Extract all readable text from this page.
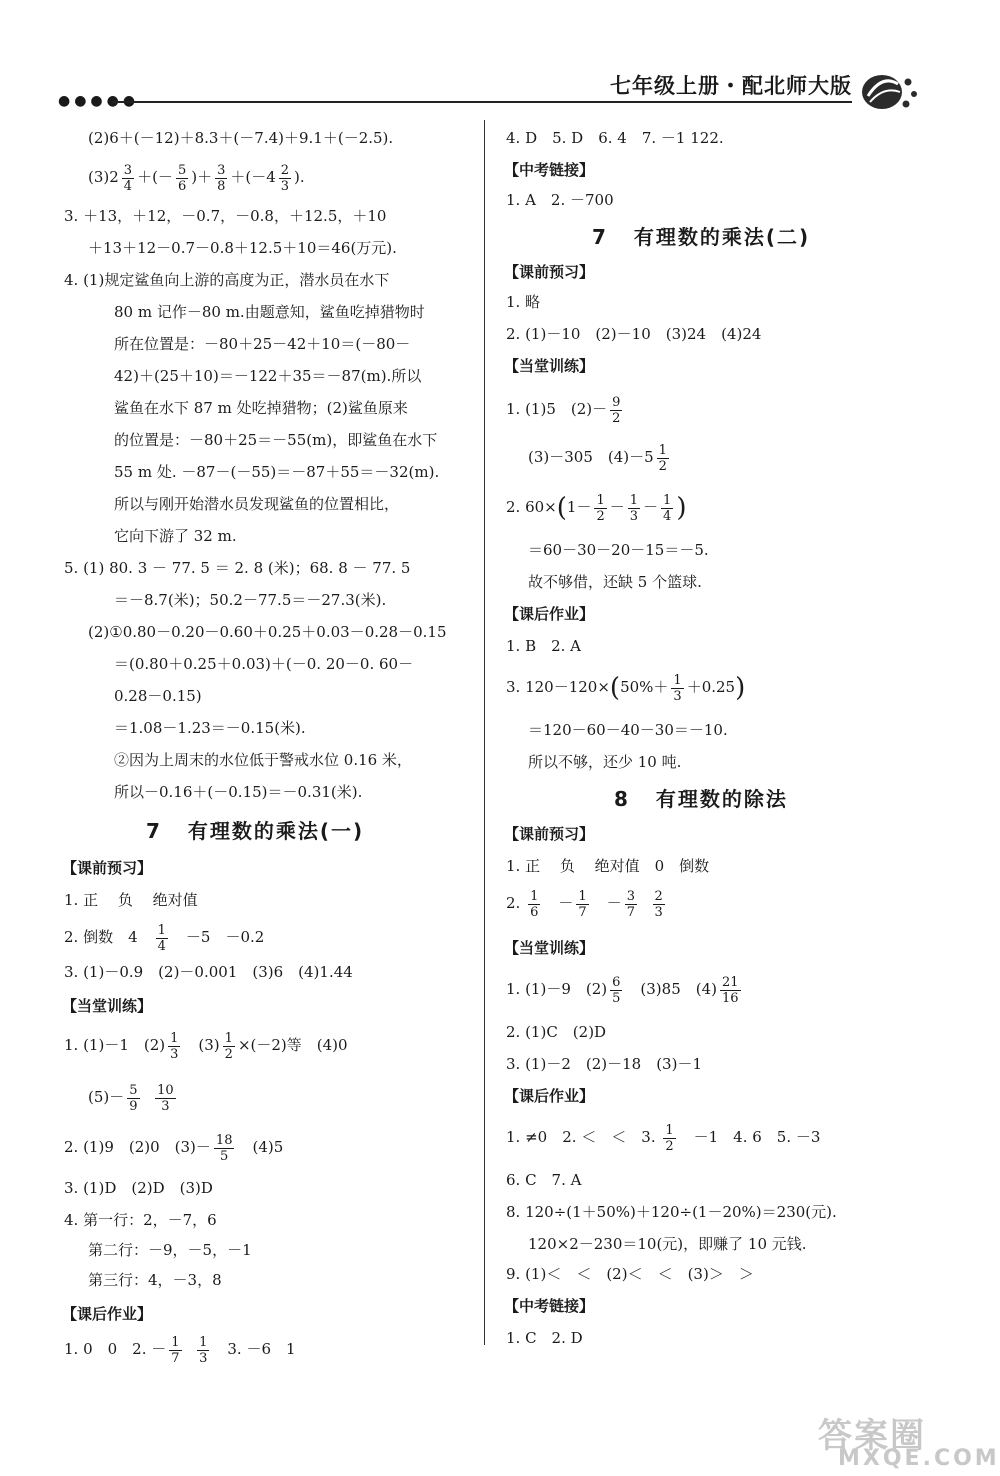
●●●●●
七年级上册・配北师大版
(2)6＋(－12)＋8.3＋(－7.4)＋9.1＋(－2.5).
$(3)2 \frac{3}{4}$ ＋(－ $\frac{5}{6}$ )＋ $\frac{3}{8} +(-4 \frac{2}{3}$ ).
3. ＋13，＋12，－0.7，－0.8，＋12.5，＋10
＋13＋12－0.7－0.8＋12.5＋10＝46(万元).
4. (1)规定鲨鱼向上游的高度为正，潜水员在水下
80 m 记作－80 m.由题意知，鲨鱼吃掉猎物时
所在位置是：－80＋25－42＋10＝(－80－
42)＋(25＋10)＝－122＋35＝－87(m).所以
鲨鱼在水下 87 m 处吃掉猎物；(2)鲨鱼原来
的位置是：－80＋25＝－55(m)，即鲨鱼在水下
55 m 处. －87－(－55)＝－87＋55＝－32(m).
所以与刚开始潜水员发现鲨鱼的位置相比，
它向下游了 32 m.
5. (1) 80. 3 － 77. 5 ＝ 2. 8 (米)；68. 8 － 77. 5
＝－8.7(米)；50.2－77.5＝－27.3(米).
(2)①0.80－0.20－0.60＋0.25＋0.03－0.28－0.15
＝(0.80＋0.25＋0.03)＋(－0. 20－0. 60－
0.28－0.15)
＝1.08－1.23＝－0.15(米).
②因为上周末的水位低于警戒水位 0.16 米，
所以－0.16＋(－0.15)＝－0.31(米).
7 有理数的乘法(一)
【课前预习】
1. 正　 负　 绝对值
2. 倒数　4　 $\frac{1}{4}$ 　－5　－0.2
3. (1)－0.9　(2)－0.001　(3)6　(4)1.44
【当堂训练】
1. (1)－1　$(2) \frac{1}{3}$ 　$(3) \frac{1}{2} \times(-2)$等　(4)0
$(5)- \frac{5}{9}$
$\frac{10}{3}$
2. (1)9　(2)0　$(3)- \frac{18}{5}$ 　(4)5
3. (1)D　(2)D　(3)D
4. 第一行：2，－7，6
第二行：－9，－5，－1
第三行：4，－3，8
【课后作业】
1. 0　0　2. － $\frac{1}{7}$
$\frac{1}{3}$ 　3. －6　1
4. D　5. D　6. 4　7. －1 122.
【中考链接】
1. A　2. －700
7 有理数的乘法(二)
【课前预习】
1. 略
2. (1)－10　(2)－10　(3)24　(4)24
【当堂训练】
1. (1)5　$(2)- \frac{9}{2}$
(3)－305　$(4)-5 \frac{1}{2}$
2. $60\times(1- \frac{1}{2} - \frac{1}{3} - \frac{1}{4}$ )
＝60－30－20－15＝－5.
故不够借，还缺 5 个篮球.
【课后作业】
1. B　2. A
3. $120-120\times(50\%+ \frac{1}{3} +0.25)$
＝120－60－40－30＝－10.
所以不够，还少 10 吨.
8 有理数的除法
【课前预习】
1. 正　 负　 绝对值　0　倒数
2. $\frac{1}{6}$ 　－ $\frac{1}{7}$ 　－ $\frac{3}{7}$
$\frac{2}{3}$
【当堂训练】
1. (1)－9　$(2) \frac{6}{5}$ 　(3)85　$(4) \frac{21}{16}$
2. (1)C　(2)D
3. (1)－2　(2)－18　(3)－1
【课后作业】
1. ≠0　2. ＜　＜　3. $\frac{1}{2}$ 　－1　4. 6　5. －3
6. C　7. A
8. 120÷(1＋50%)＋120÷(1－20%)＝230(元).
120×2－230＝10(元)，即赚了 10 元钱.
9. (1)＜　＜　(2)＜　＜　(3)＞　＞
【中考链接】
1. C　2. D
答案圈
MXQE.COM
